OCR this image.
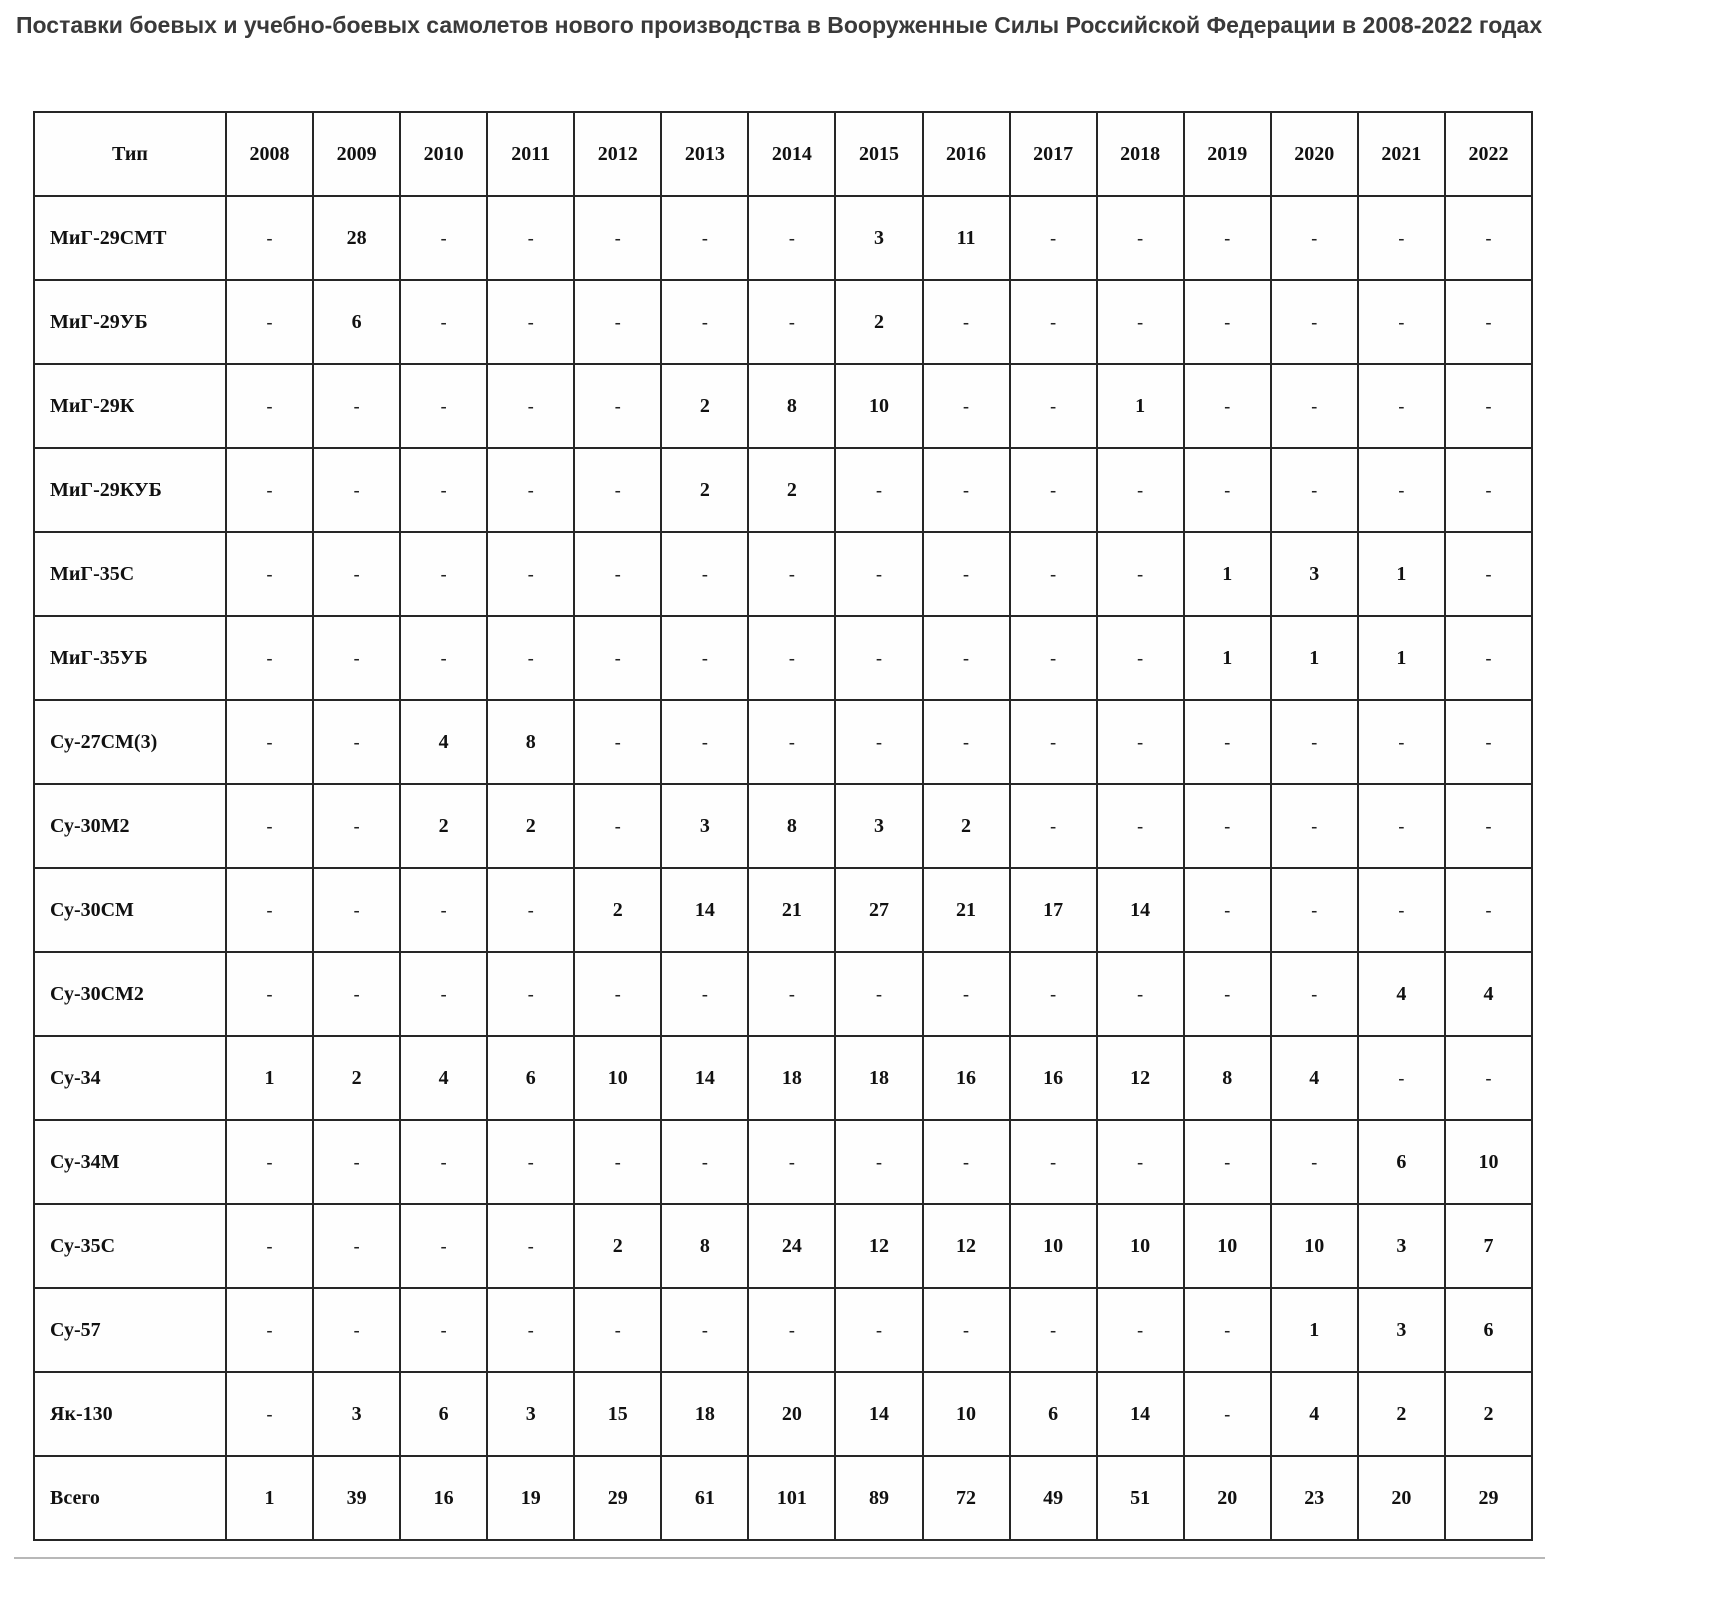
Поставки боевых и учебно-боевых самолетов нового производства в Вооруженные Силы Российской Федерации в 2008-2022 годах
Тип	2008	2009	2010	2011	2012	2013	2014	2015	2016	2017	2018	2019	2020	2021	2022
МиГ-29СМТ	-	28	-	-	-	-	-	3	11	-	-	-	-	-	-
МиГ-29УБ	-	6	-	-	-	-	-	2	-	-	-	-	-	-	-
МиГ-29К	-	-	-	-	-	2	8	10	-	-	1	-	-	-	-
МиГ-29КУБ	-	-	-	-	-	2	2	-	-	-	-	-	-	-	-
МиГ-35С	-	-	-	-	-	-	-	-	-	-	-	1	3	1	-
МиГ-35УБ	-	-	-	-	-	-	-	-	-	-	-	1	1	1	-
Су-27СМ(3)	-	-	4	8	-	-	-	-	-	-	-	-	-	-	-
Су-30М2	-	-	2	2	-	3	8	3	2	-	-	-	-	-	-
Су-30СМ	-	-	-	-	2	14	21	27	21	17	14	-	-	-	-
Су-30СМ2	-	-	-	-	-	-	-	-	-	-	-	-	-	4	4
Су-34	1	2	4	6	10	14	18	18	16	16	12	8	4	-	-
Су-34М	-	-	-	-	-	-	-	-	-	-	-	-	-	6	10
Су-35С	-	-	-	-	2	8	24	12	12	10	10	10	10	3	7
Су-57	-	-	-	-	-	-	-	-	-	-	-	-	1	3	6
Як-130	-	3	6	3	15	18	20	14	10	6	14	-	4	2	2
Всего	1	39	16	19	29	61	101	89	72	49	51	20	23	20	29
